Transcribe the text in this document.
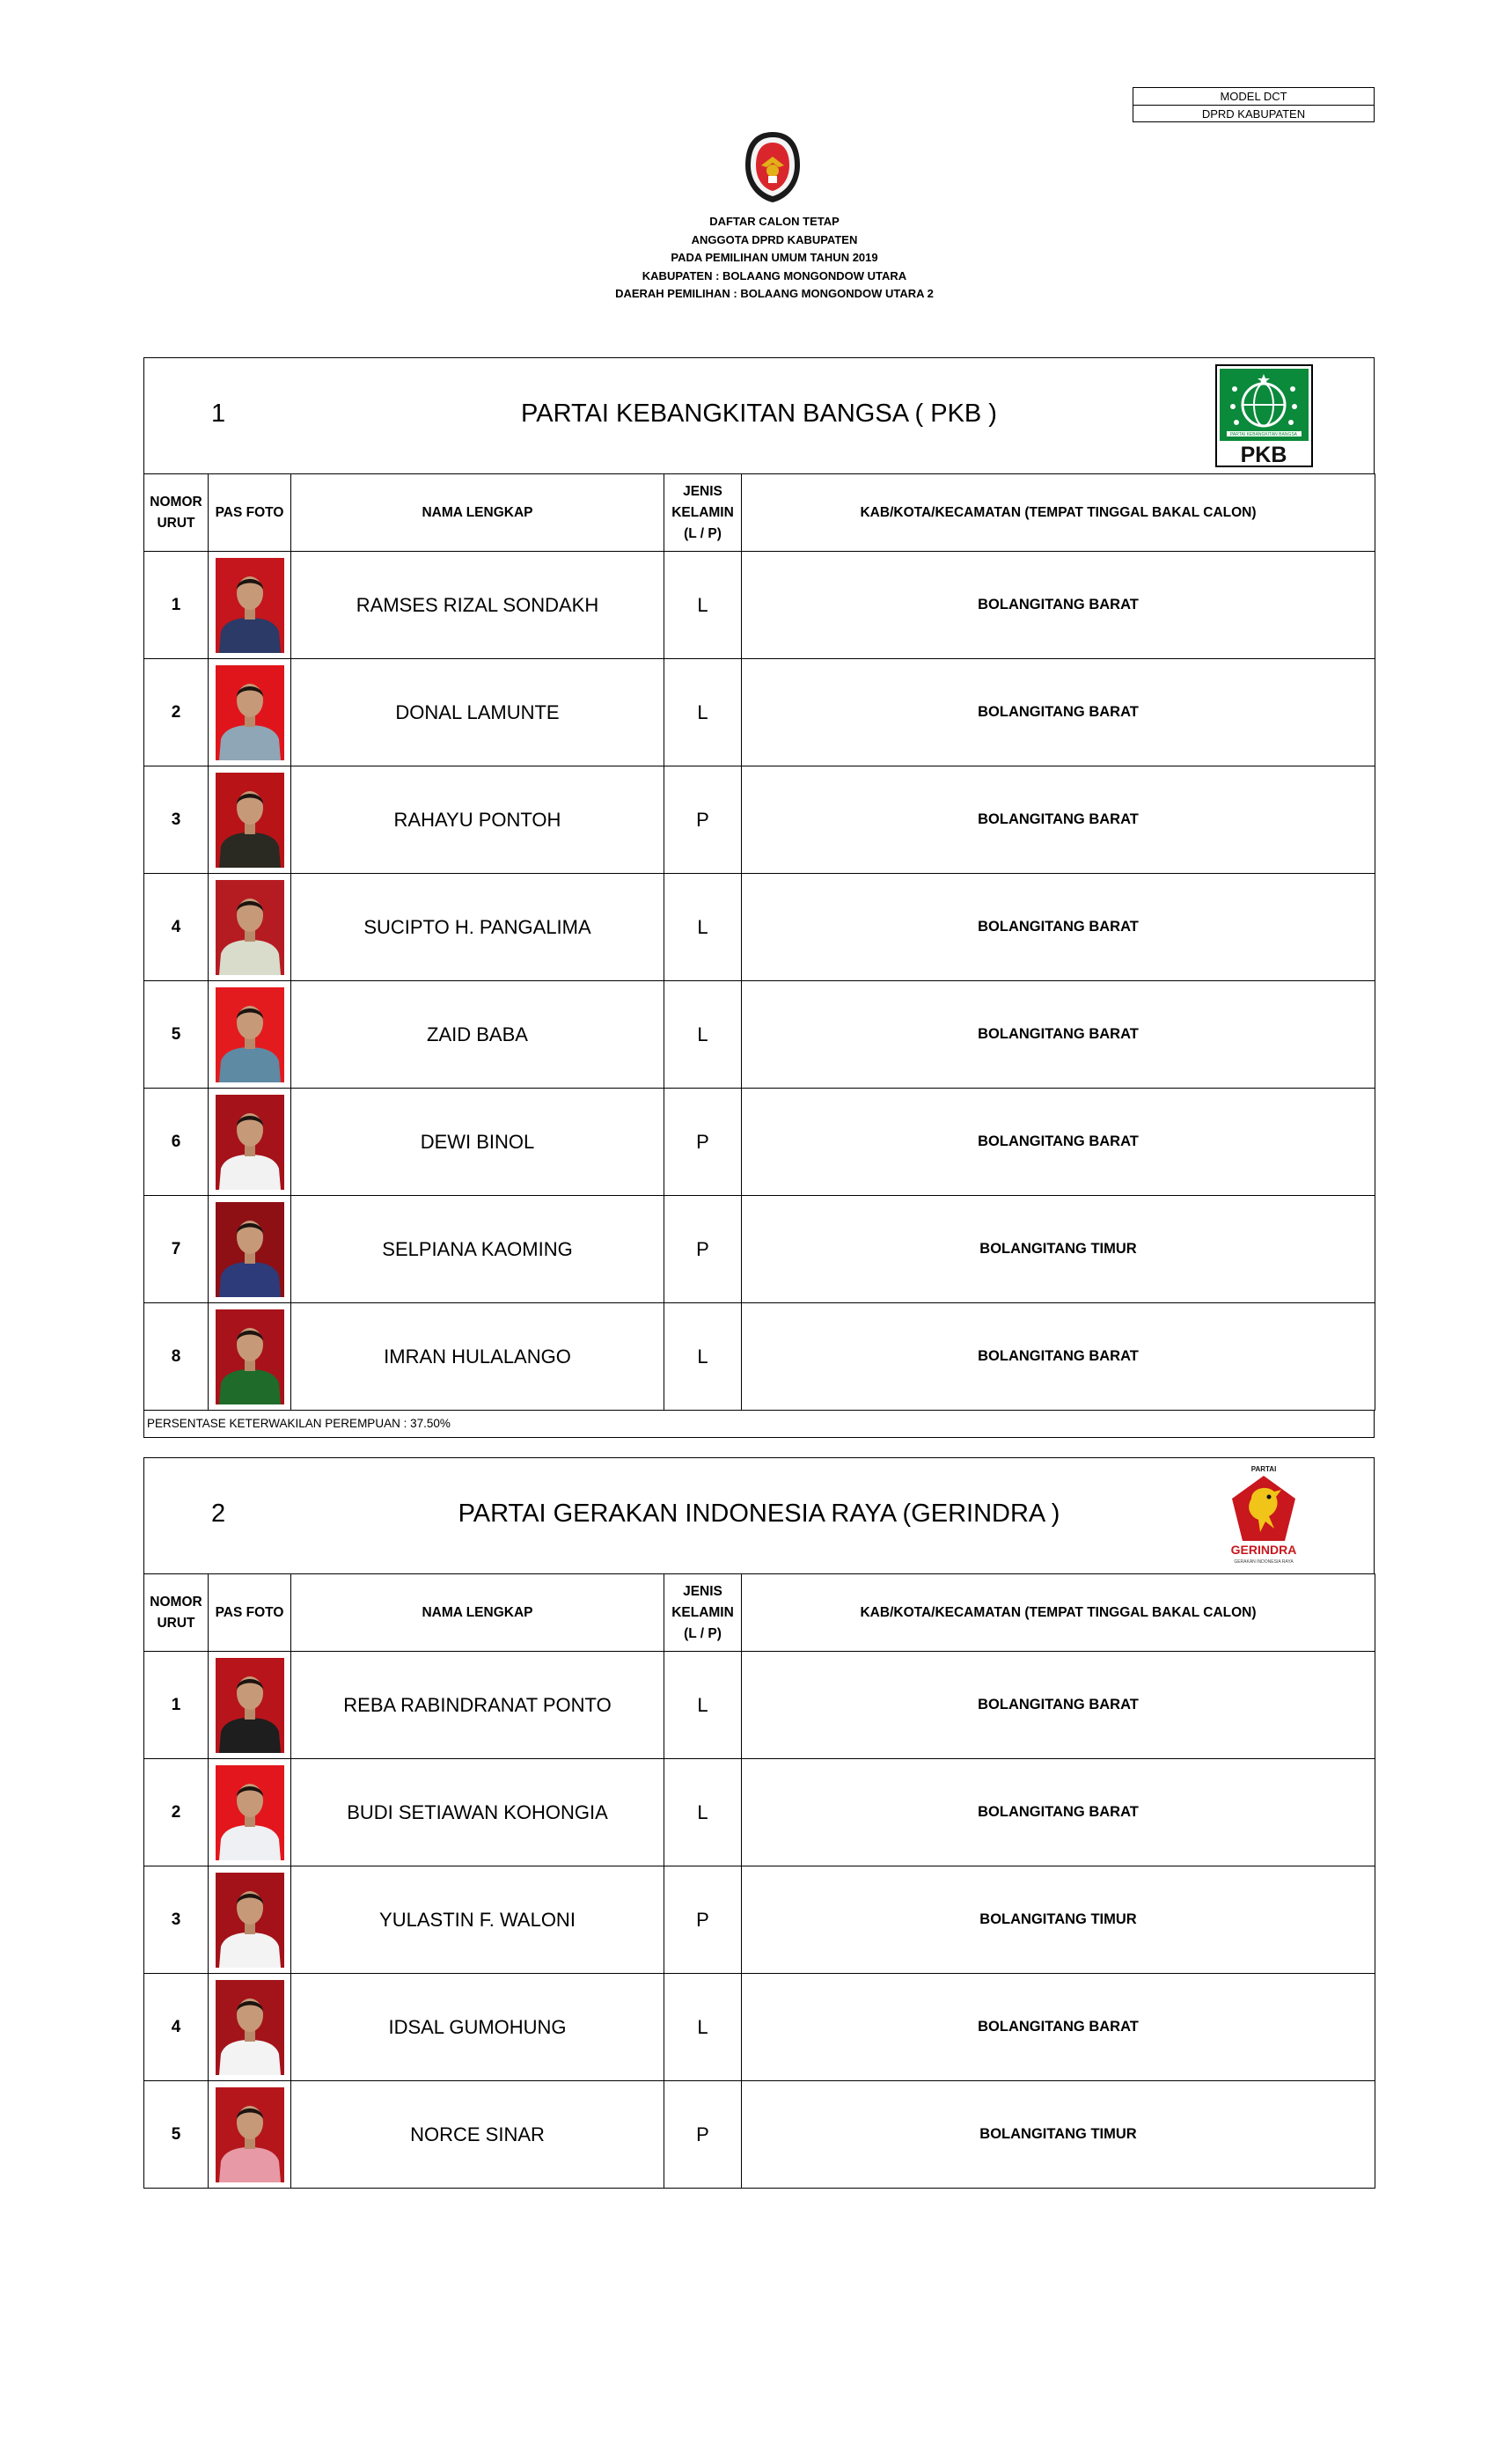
MODEL DCT
DPRD KABUPATEN
DAFTAR CALON TETAP
ANGGOTA DPRD KABUPATEN
PADA PEMILIHAN UMUM TAHUN 2019
KABUPATEN : BOLAANG MONGONDOW UTARA
DAERAH PEMILIHAN : BOLAANG MONGONDOW UTARA 2
1	PARTAI KEBANGKITAN BANGSA ( PKB )
PARTAI KEBANGKITAN BANGSA
PKB
NOMOR URUT	PAS FOTO	NAMA LENGKAP	JENIS KELAMIN (L / P)	KAB/KOTA/KECAMATAN (TEMPAT TINGGAL BAKAL CALON)
1		RAMSES RIZAL SONDAKH	L	BOLANGITANG BARAT
2		DONAL LAMUNTE	L	BOLANGITANG BARAT
3		RAHAYU PONTOH	P	BOLANGITANG BARAT
4		SUCIPTO H. PANGALIMA	L	BOLANGITANG BARAT
5		ZAID BABA	L	BOLANGITANG BARAT
6		DEWI BINOL	P	BOLANGITANG BARAT
7		SELPIANA KAOMING	P	BOLANGITANG TIMUR
8		IMRAN HULALANGO	L	BOLANGITANG BARAT
PERSENTASE KETERWAKILAN PEREMPUAN : 37.50%
2	PARTAI GERAKAN INDONESIA RAYA (GERINDRA )
PARTAI
GERINDRA
GERAKAN INDONESIA RAYA
NOMOR URUT	PAS FOTO	NAMA LENGKAP	JENIS KELAMIN (L / P)	KAB/KOTA/KECAMATAN (TEMPAT TINGGAL BAKAL CALON)
1		REBA RABINDRANAT PONTO	L	BOLANGITANG BARAT
2		BUDI SETIAWAN KOHONGIA	L	BOLANGITANG BARAT
3		YULASTIN F. WALONI	P	BOLANGITANG TIMUR
4		IDSAL GUMOHUNG	L	BOLANGITANG BARAT
5		NORCE SINAR	P	BOLANGITANG TIMUR
